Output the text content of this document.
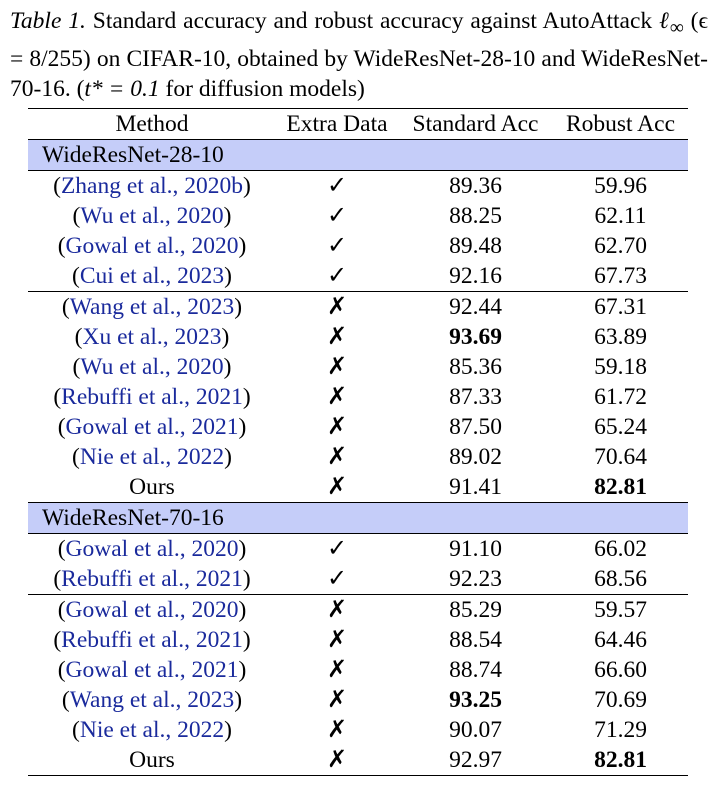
Table 1. Standard accuracy and robust accuracy against AutoAttack ℓ$_\infty$ (ϵ = 8/255) on CIFAR-10, obtained by WideResNet-28-10 and WideResNet-70-16. (t* = 0.1 for diffusion models)
Method	Extra Data	Standard Acc	Robust Acc
WideResNet-28-10			
(Zhang et al., 2020b)	✓	89.36	59.96
(Wu et al., 2020)	✓	88.25	62.11
(Gowal et al., 2020)	✓	89.48	62.70
(Cui et al., 2023)	✓	92.16	67.73
(Wang et al., 2023)	✗	92.44	67.31
(Xu et al., 2023)	✗	93.69	63.89
(Wu et al., 2020)	✗	85.36	59.18
(Rebuffi et al., 2021)	✗	87.33	61.72
(Gowal et al., 2021)	✗	87.50	65.24
(Nie et al., 2022)	✗	89.02	70.64
Ours	✗	91.41	82.81
WideResNet-70-16			
(Gowal et al., 2020)	✓	91.10	66.02
(Rebuffi et al., 2021)	✓	92.23	68.56
(Gowal et al., 2020)	✗	85.29	59.57
(Rebuffi et al., 2021)	✗	88.54	64.46
(Gowal et al., 2021)	✗	88.74	66.60
(Wang et al., 2023)	✗	93.25	70.69
(Nie et al., 2022)	✗	90.07	71.29
Ours	✗	92.97	82.81
